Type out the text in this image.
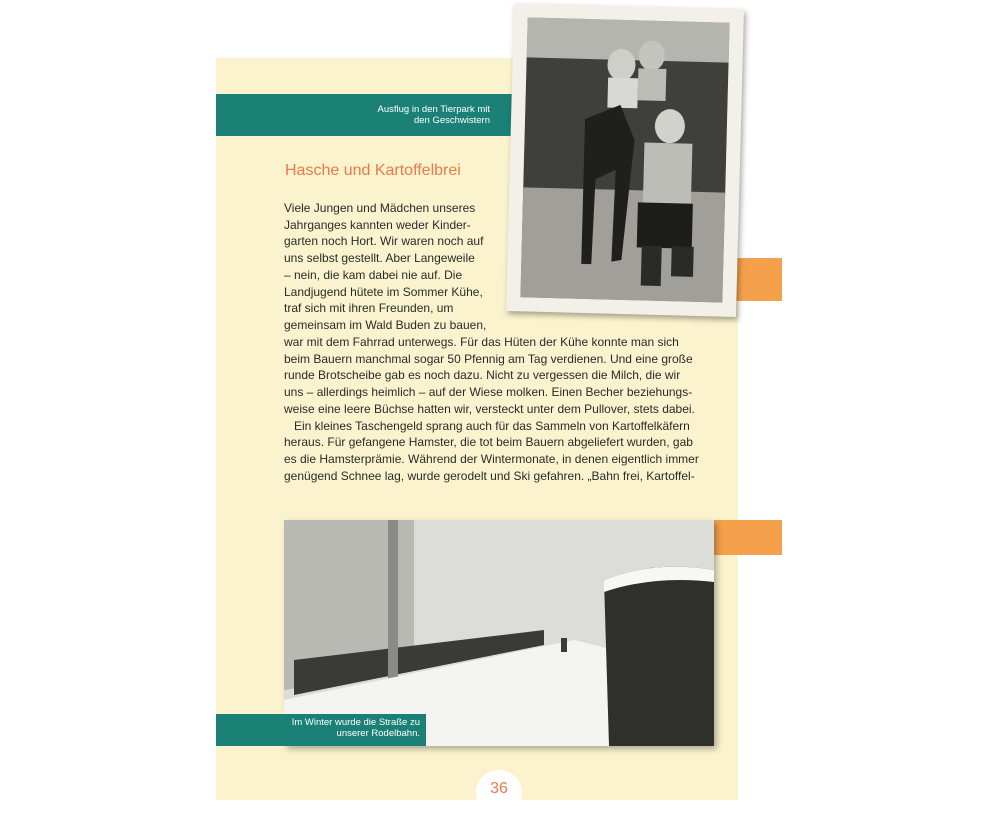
Ausflug in den Tierpark mit
den Geschwistern
Hasche und Kartoffelbrei

Viele Jungen und Mädchen unseres
Jahrganges kannten weder Kinder-
garten noch Hort. Wir waren noch auf
uns selbst gestellt. Aber Langeweile
– nein, die kam dabei nie auf. Die
Landjugend hütete im Sommer Kühe,
traf sich mit ihren Freunden, um
gemeinsam im Wald Buden zu bauen,

war mit dem Fahrrad unterwegs. Für das Hüten der Kühe konnte man sich
beim Bauern manchmal sogar 50 Pfennig am Tag verdienen. Und eine große
runde Brotscheibe gab es noch dazu. Nicht zu vergessen die Milch, die wir
uns – allerdings heimlich – auf der Wiese molken. Einen Becher beziehungs-
weise eine leere Büchse hatten wir, versteckt unter dem Pullover, stets dabei.
Ein kleines Taschengeld sprang auch für das Sammeln von Kartoffelkäfern
heraus. Für gefangene Hamster, die tot beim Bauern abgeliefert wurden, gab
es die Hamsterprämie. Während der Wintermonate, in denen eigentlich immer
genügend Schnee lag, wurde gerodelt und Ski gefahren. „Bahn frei, Kartoffel-

Im Winter wurde die Straße zu
unserer Rodelbahn.
36
